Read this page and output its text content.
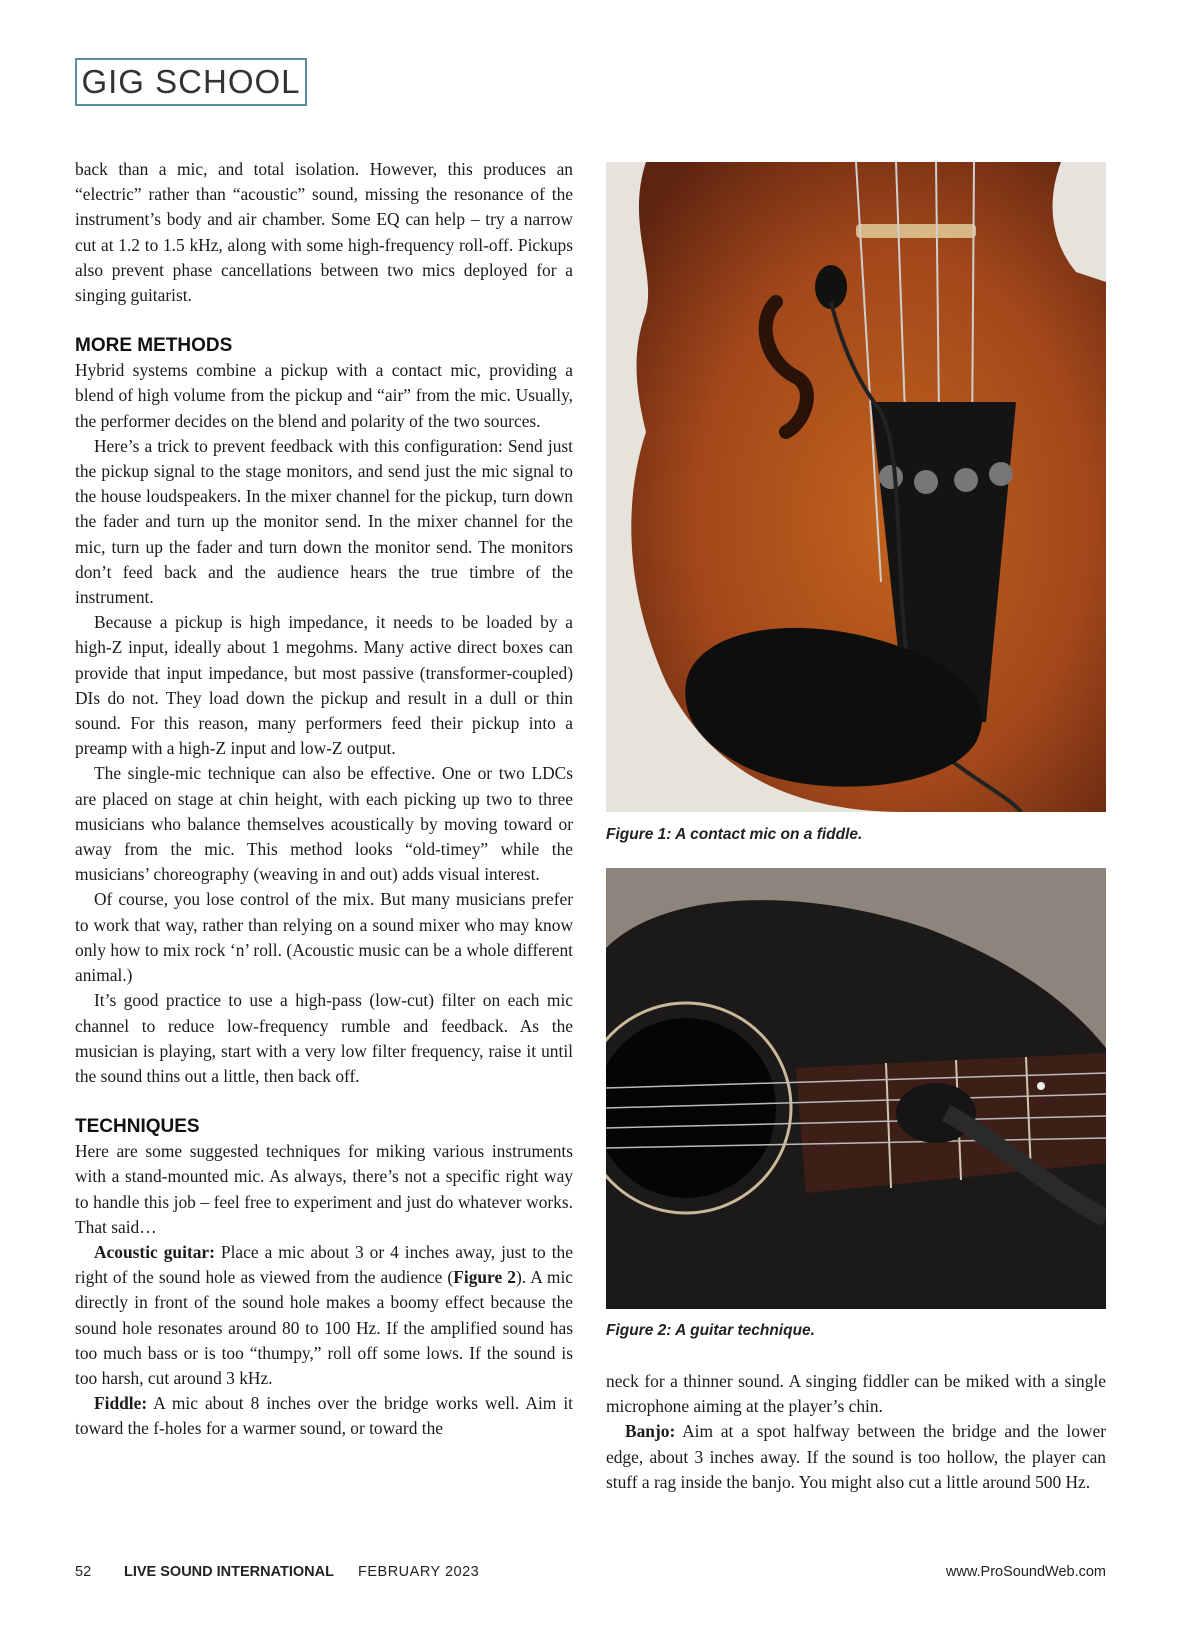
GIG SCHOOL

back than a mic, and total isolation. However, this produces an “electric” rather than “acoustic” sound, missing the resonance of the instrument’s body and air chamber. Some EQ can help – try a narrow cut at 1.2 to 1.5 kHz, along with some high-frequency roll-off. Pickups also prevent phase cancellations between two mics deployed for a singing guitarist.

MORE METHODS

Hybrid systems combine a pickup with a contact mic, providing a blend of high volume from the pickup and “air” from the mic. Usually, the performer decides on the blend and polarity of the two sources.

Here’s a trick to prevent feedback with this configuration: Send just the pickup signal to the stage monitors, and send just the mic signal to the house loudspeakers. In the mixer channel for the pickup, turn down the fader and turn up the monitor send. In the mixer channel for the mic, turn up the fader and turn down the monitor send. The monitors don’t feed back and the audience hears the true timbre of the instrument.

Because a pickup is high impedance, it needs to be loaded by a high-Z input, ideally about 1 megohms. Many active direct boxes can provide that input impedance, but most passive (transformer-coupled) DIs do not. They load down the pickup and result in a dull or thin sound. For this reason, many performers feed their pickup into a preamp with a high-Z input and low-Z output.

The single-mic technique can also be effective. One or two LDCs are placed on stage at chin height, with each picking up two to three musicians who balance themselves acoustically by moving toward or away from the mic. This method looks “old-timey” while the musicians’ choreography (weaving in and out) adds visual interest.

Of course, you lose control of the mix. But many musicians prefer to work that way, rather than relying on a sound mixer who may know only how to mix rock ‘n’ roll. (Acoustic music can be a whole different animal.)

It’s good practice to use a high-pass (low-cut) filter on each mic channel to reduce low-frequency rumble and feedback. As the musician is playing, start with a very low filter frequency, raise it until the sound thins out a little, then back off.

TECHNIQUES

Here are some suggested techniques for miking various instruments with a stand-mounted mic. As always, there’s not a specific right way to handle this job – feel free to experiment and just do whatever works. That said…

Acoustic guitar: Place a mic about 3 or 4 inches away, just to the right of the sound hole as viewed from the audience (Figure 2). A mic directly in front of the sound hole makes a boomy effect because the sound hole resonates around 80 to 100 Hz. If the amplified sound has too much bass or is too “thumpy,” roll off some lows. If the sound is too harsh, cut around 3 kHz.

Fiddle: A mic about 8 inches over the bridge works well. Aim it toward the f-holes for a warmer sound, or toward the

Figure 1: A contact mic on a fiddle.
Figure 2: A guitar technique.

neck for a thinner sound. A singing fiddler can be miked with a single microphone aiming at the player’s chin.

Banjo: Aim at a spot halfway between the bridge and the lower edge, about 3 inches away. If the sound is too hollow, the player can stuff a rag inside the banjo. You might also cut a little around 500 Hz.

52 LIVE SOUND INTERNATIONAL FEBRUARY 2023	www.ProSoundWeb.com
